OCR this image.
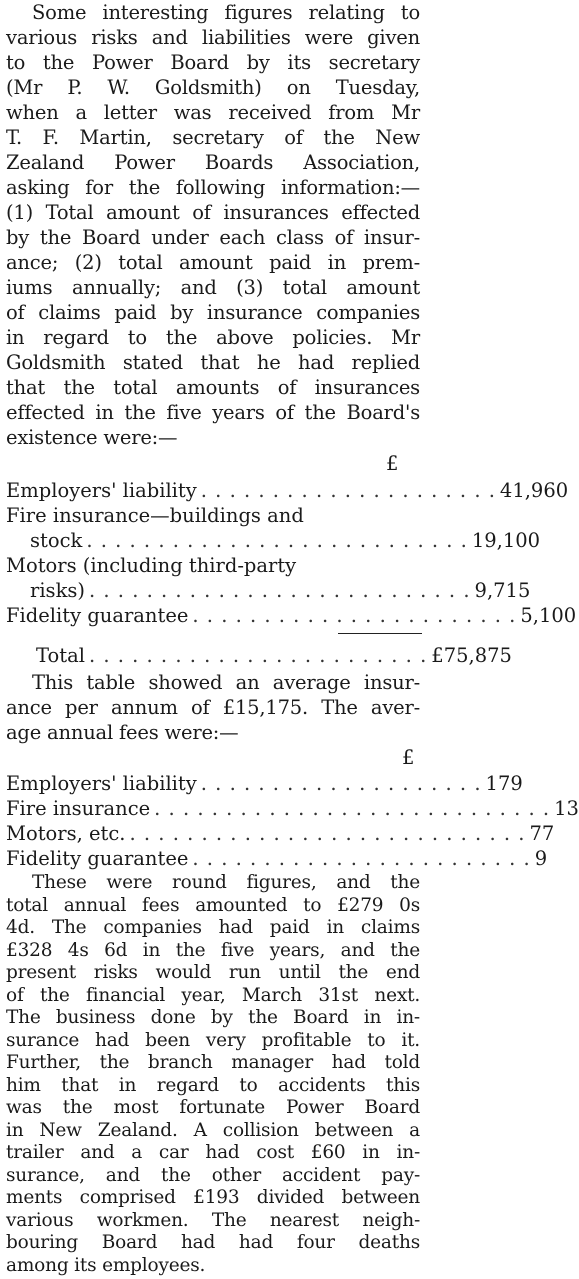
Some interesting figures relating to
various risks and liabilities were given
to the Power Board by its secretary
(Mr P. W. Goldsmith) on Tuesday,
when a letter was received from Mr
T. F. Martin, secretary of the New
Zealand Power Boards Association,
asking for the following information:—
(1) Total amount of insurances effected
by the Board under each class of insur-
ance; (2) total amount paid in prem-
iums annually; and (3) total amount
of claims paid by insurance companies
in regard to the above policies. Mr
Goldsmith stated that he had replied
that the total amounts of insurances
effected in the five years of the Board's
existence were:—
£
Employers' liability . . . . . . . . . . . . . . . . . . . . . 41,960
Fire insurance—buildings and
stock . . . . . . . . . . . . . . . . . . . . . . . . . . . 19,100
Motors (including third-party
risks) . . . . . . . . . . . . . . . . . . . . . . . . . . . 9,715
Fidelity guarantee . . . . . . . . . . . . . . . . . . . . . . . 5,100
Total . . . . . . . . . . . . . . . . . . . . . . . . £75,875
This table showed an average insur-
ance per annum of £15,175. The aver-
age annual fees were:—
£
Employers' liability . . . . . . . . . . . . . . . . . . . . 179
Fire insurance . . . . . . . . . . . . . . . . . . . . . . . . . . . . 13
Motors, etc. . . . . . . . . . . . . . . . . . . . . . . . . . . . . 77
Fidelity guarantee . . . . . . . . . . . . . . . . . . . . . . . . 9
These were round figures, and the
total annual fees amounted to £279 0s
4d. The companies had paid in claims
£328 4s 6d in the five years, and the
present risks would run until the end
of the financial year, March 31st next.
The business done by the Board in in-
surance had been very profitable to it.
Further, the branch manager had told
him that in regard to accidents this
was the most fortunate Power Board
in New Zealand. A collision between a
trailer and a car had cost £60 in in-
surance, and the other accident pay-
ments comprised £193 divided between
various workmen. The nearest neigh-
bouring Board had had four deaths
among its employees.
